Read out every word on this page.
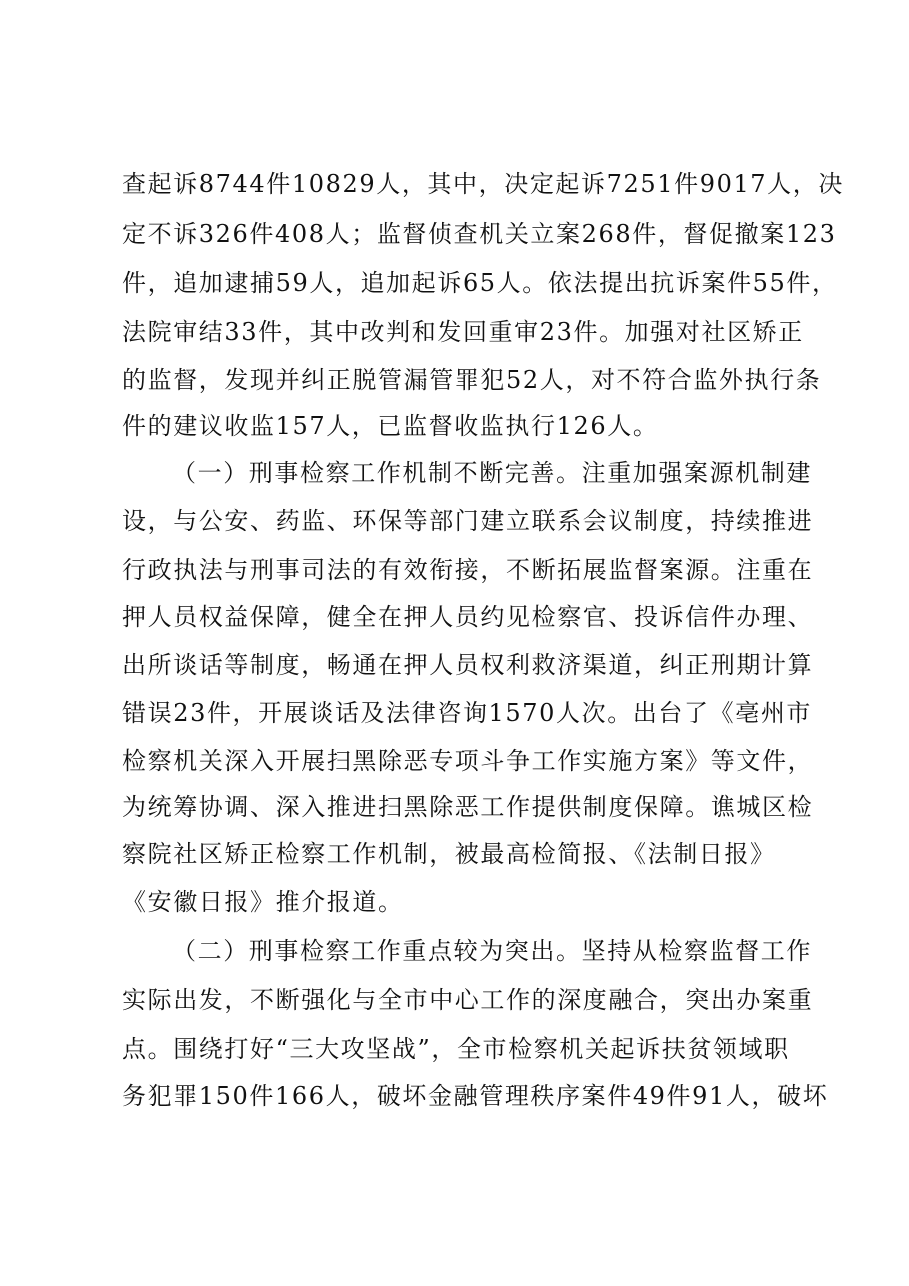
查起诉8744件10829人，其中，决定起诉7251件9017人，决
定不诉326件408人；监督侦查机关立案268件，督促撤案123
件，追加逮捕59人，追加起诉65人。依法提出抗诉案件55件，
法院审结33件，其中改判和发回重审23件。加强对社区矫正
的监督，发现并纠正脱管漏管罪犯52人，对不符合监外执行条
件的建议收监157人，已监督收监执行126人。
（一）刑事检察工作机制不断完善。注重加强案源机制建
设，与公安、药监、环保等部门建立联系会议制度，持续推进
行政执法与刑事司法的有效衔接，不断拓展监督案源。注重在
押人员权益保障，健全在押人员约见检察官、投诉信件办理、
出所谈话等制度，畅通在押人员权利救济渠道，纠正刑期计算
错误23件，开展谈话及法律咨询1570人次。出台了《亳州市
检察机关深入开展扫黑除恶专项斗争工作实施方案》等文件，
为统筹协调、深入推进扫黑除恶工作提供制度保障。谯城区检
察院社区矫正检察工作机制，被最高检简报、《法制日报》
《安徽日报》推介报道。
（二）刑事检察工作重点较为突出。坚持从检察监督工作
实际出发，不断强化与全市中心工作的深度融合，突出办案重
点。围绕打好“三大攻坚战”，全市检察机关起诉扶贫领域职
务犯罪150件166人，破坏金融管理秩序案件49件91人，破坏
